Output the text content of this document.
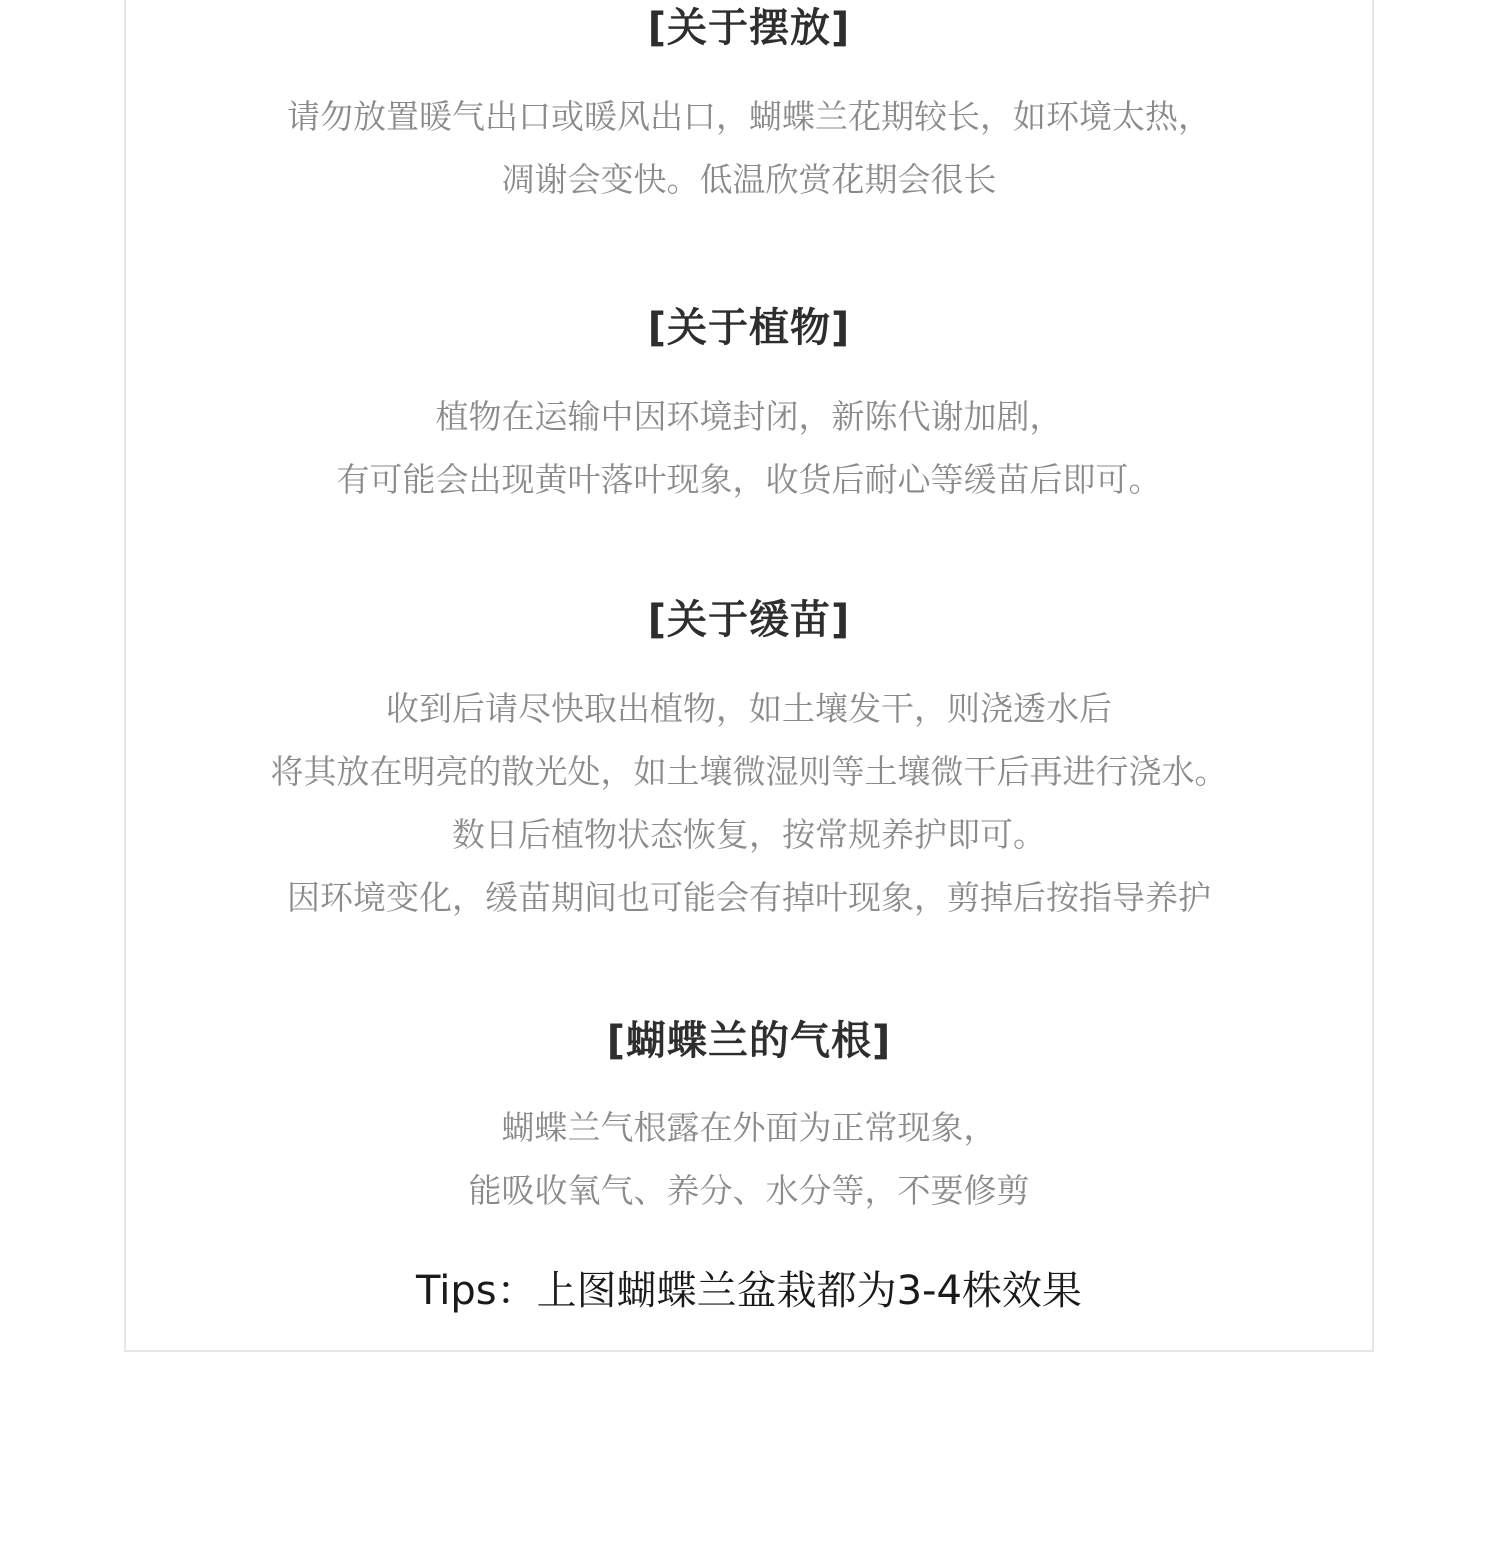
[关于摆放]
请勿放置暖气出口或暖风出口，蝴蝶兰花期较长，如环境太热，
凋谢会变快。低温欣赏花期会很长
[关于植物]
植物在运输中因环境封闭，新陈代谢加剧，
有可能会出现黄叶落叶现象，收货后耐心等缓苗后即可。
[关于缓苗]
收到后请尽快取出植物，如土壤发干，则浇透水后
将其放在明亮的散光处，如土壤微湿则等土壤微干后再进行浇水。
数日后植物状态恢复，按常规养护即可。
因环境变化，缓苗期间也可能会有掉叶现象，剪掉后按指导养护
[蝴蝶兰的气根]
蝴蝶兰气根露在外面为正常现象，
能吸收氧气、养分、水分等，不要修剪
Tips：上图蝴蝶兰盆栽都为3-4株效果
